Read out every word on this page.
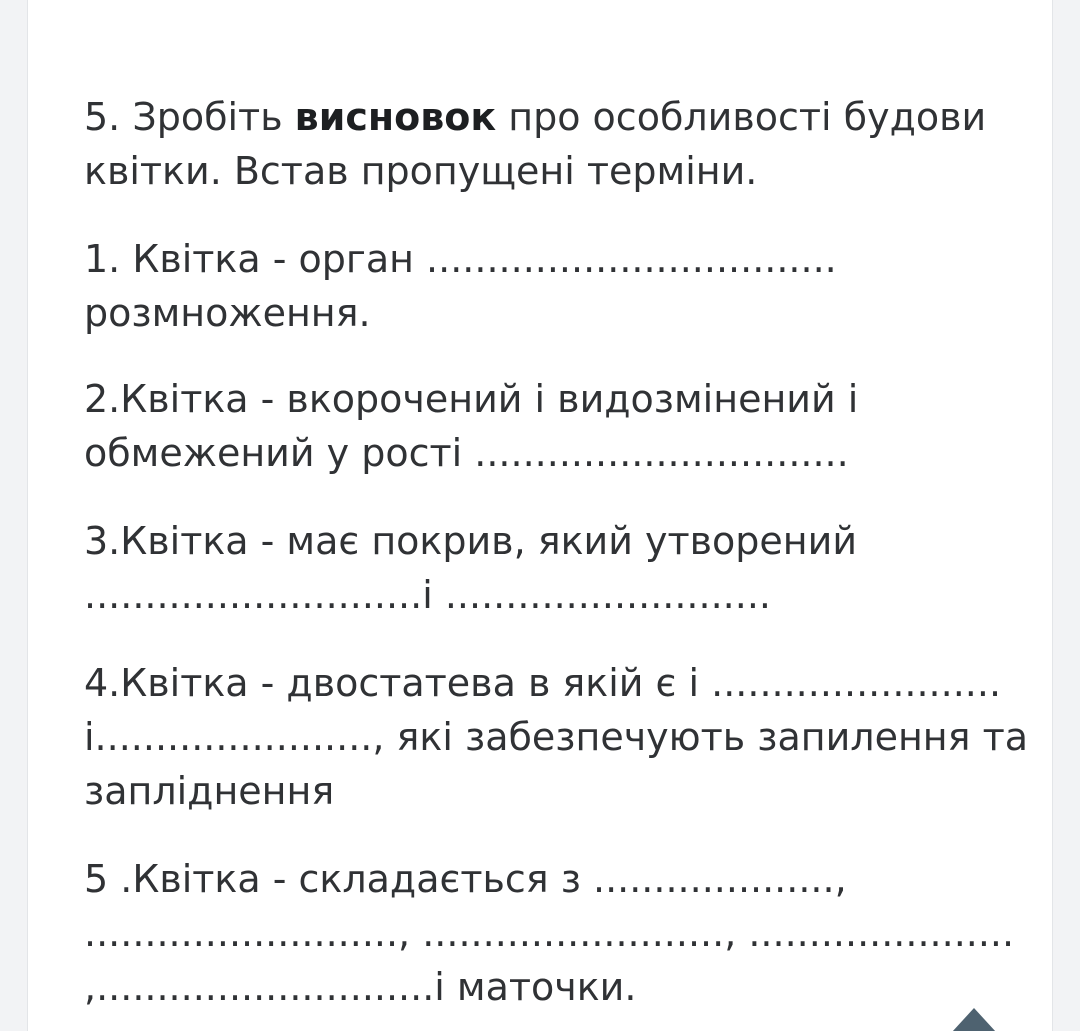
5. Зробіть висновок про особливості будови
квітки. Встав пропущені терміни.
1. Квітка - орган ..................................
розмноження.
2.Квітка - вкорочений і видозмінений і
обмежений у рості ...............................
3.Квітка - має покрив, який утворений
............................і ...........................
4.Квітка - двостатева в якій є і ........................
і......................., які забезпечують запилення та
запліднення
5 .Квітка - складається з ....................,
.........................., ........................., ......................
,............................і маточки.
